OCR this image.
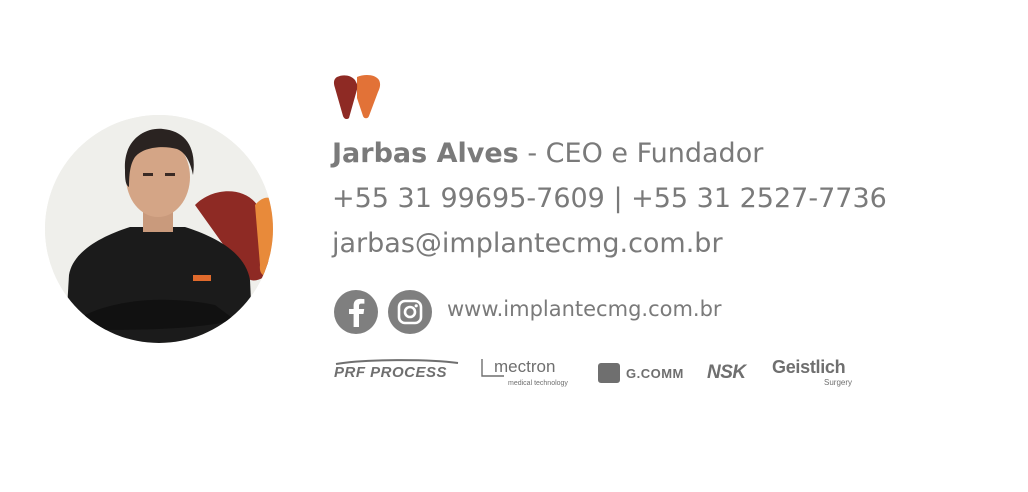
Jarbas Alves - CEO e Fundador
+55 31 99695-7609 | +55 31 2527-7736
jarbas@implantecmg.com.br
www.implantecmg.com.br
PRF PROCESS	mectron
medical technology
G.COMM NSK Geistlich
Surgery
